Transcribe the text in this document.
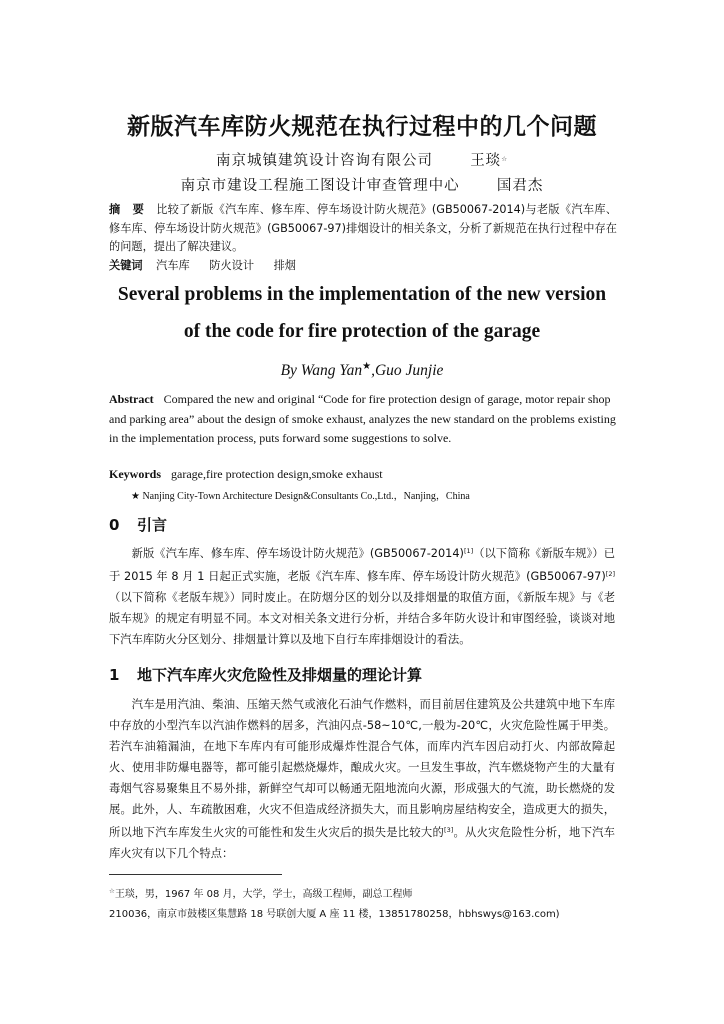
新版汽车库防火规范在执行过程中的几个问题
南京城镇建筑设计咨询有限公司	王琰☆
南京市建设工程施工图设计审查管理中心	国君杰
摘 要 比较了新版《汽车库、修车库、停车场设计防火规范》(GB50067-2014)与老版《汽车库、修车库、停车场设计防火规范》(GB50067-97)排烟设计的相关条文，分析了新规范在执行过程中存在的问题，提出了解决建议。
关键词 汽车库 防火设计 排烟
Several problems in the implementation of the new version
of the code for fire protection of the garage
By Wang Yan★,Guo Junjie
Abstract Compared the new and original “Code for fire protection design of garage, motor repair shop and parking area” about the design of smoke exhaust, analyzes the new standard on the problems existing in the implementation process, puts forward some suggestions to solve.
Keywords garage,fire protection design,smoke exhaust
★ Nanjing City-Town Architecture Design&Consultants Co.,Ltd.，Nanjing，China
0 引言
新版《汽车库、修车库、停车场设计防火规范》(GB50067-2014)[1]（以下简称《新版车规》）已于 2015 年 8 月 1 日起正式实施，老版《汽车库、修车库、停车场设计防火规范》(GB50067-97)[2]（以下简称《老版车规》）同时废止。在防烟分区的划分以及排烟量的取值方面，《新版车规》与《老版车规》的规定有明显不同。本文对相关条文进行分析，并结合多年防火设计和审图经验，谈谈对地下汽车库防火分区划分、排烟量计算以及地下自行车库排烟设计的看法。
1 地下汽车库火灾危险性及排烟量的理论计算
汽车是用汽油、柴油、压缩天然气或液化石油气作燃料，而目前居住建筑及公共建筑中地下车库中存放的小型汽车以汽油作燃料的居多，汽油闪点-58~10℃,一般为-20℃，火灾危险性属于甲类。若汽车油箱漏油，在地下车库内有可能形成爆炸性混合气体，而库内汽车因启动打火、内部故障起火、使用非防爆电器等，都可能引起燃烧爆炸，酿成火灾。一旦发生事故，汽车燃烧物产生的大量有毒烟气容易聚集且不易外排，新鲜空气却可以畅通无阻地流向火源，形成强大的气流，助长燃烧的发展。此外，人、车疏散困难，火灾不但造成经济损失大，而且影响房屋结构安全，造成更大的损失，所以地下汽车库发生火灾的可能性和发生火灾后的损失是比较大的[3]。从火灾危险性分析，地下汽车库火灾有以下几个特点：
☆王琰，男，1967 年 08 月，大学，学士，高级工程师，副总工程师
210036，南京市鼓楼区集慧路 18 号联创大厦 A 座 11 楼，13851780258，hbhswys@163.com)
